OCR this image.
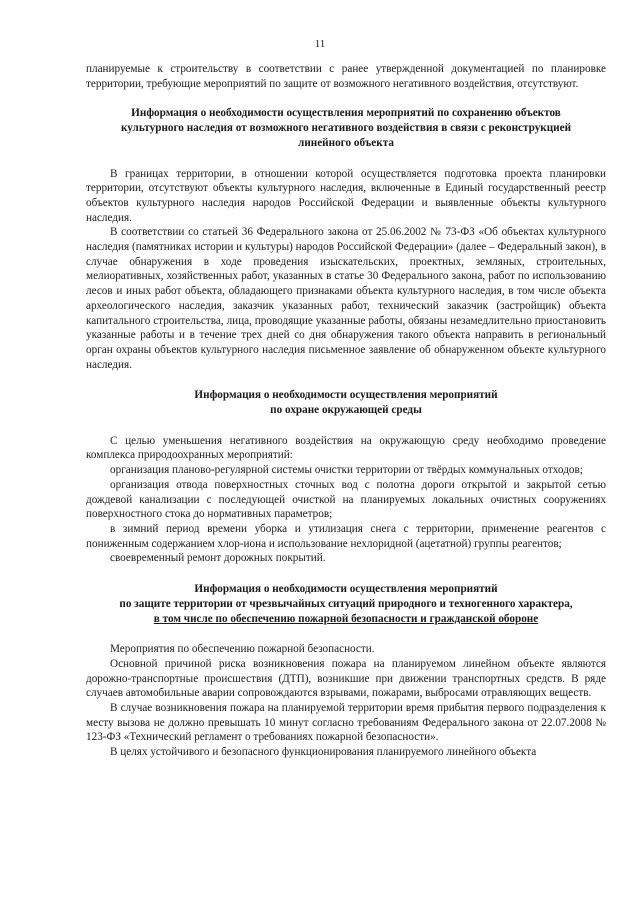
11

планируемые к строительству в соответствии с ранее утвержденной документацией по планировке территории, требующие мероприятий по защите от возможного негативного воздействия, отсутствуют.

Информация о необходимости осуществления мероприятий по сохранению объектов
культурного наследия от возможного негативного воздействия в связи с реконструкцией
линейного объекта

В границах территории, в отношении которой осуществляется подготовка проекта планировки территории, отсутствуют объекты культурного наследия, включенные в Единый государственный реестр объектов культурного наследия народов Российской Федерации и выявленные объекты культурного наследия.

В соответствии со статьей 36 Федерального закона от 25.06.2002 № 73-ФЗ «Об объектах культурного наследия (памятниках истории и культуры) народов Российской Федерации» (далее – Федеральный закон), в случае обнаружения в ходе проведения изыскательских, проектных, земляных, строительных, мелиоративных, хозяйственных работ, указанных в статье 30 Федерального закона, работ по использованию лесов и иных работ объекта, обладающего признаками объекта культурного наследия, в том числе объекта археологического наследия, заказчик указанных работ, технический заказчик (застройщик) объекта капитального строительства, лица, проводящие указанные работы, обязаны незамедлительно приостановить указанные работы и в течение трех дней со дня обнаружения такого объекта направить в региональный орган охраны объектов культурного наследия письменное заявление об обнаруженном объекте культурного наследия.

Информация о необходимости осуществления мероприятий
по охране окружающей среды

С целью уменьшения негативного воздействия на окружающую среду необходимо проведение комплекса природоохранных мероприятий:

организация планово-регулярной системы очистки территории от твёрдых коммунальных отходов;

организация отвода поверхностных сточных вод с полотна дороги открытой и закрытой сетью дождевой канализации с последующей очисткой на планируемых локальных очистных сооружениях поверхностного стока до нормативных параметров;

в зимний период времени уборка и утилизация снега с территории, применение реагентов с пониженным содержанием хлор-иона и использование нехлоридной (ацетатной) группы реагентов;

своевременный ремонт дорожных покрытий.

Информация о необходимости осуществления мероприятий
по защите территории от чрезвычайных ситуаций природного и техногенного характера,
в том числе по обеспечению пожарной безопасности и гражданской обороне

Мероприятия по обеспечению пожарной безопасности.

Основной причиной риска возникновения пожара на планируемом линейном объекте являются дорожно-транспортные происшествия (ДТП), возникшие при движении транспортных средств. В ряде случаев автомобильные аварии сопровождаются взрывами, пожарами, выбросами отравляющих веществ.

В случае возникновения пожара на планируемой территории время прибытия первого подразделения к месту вызова не должно превышать 10 минут согласно требованиям Федерального закона от 22.07.2008 № 123-ФЗ «Технический регламент о требованиях пожарной безопасности».

В целях устойчивого и безопасного функционирования планируемого линейного объекта
